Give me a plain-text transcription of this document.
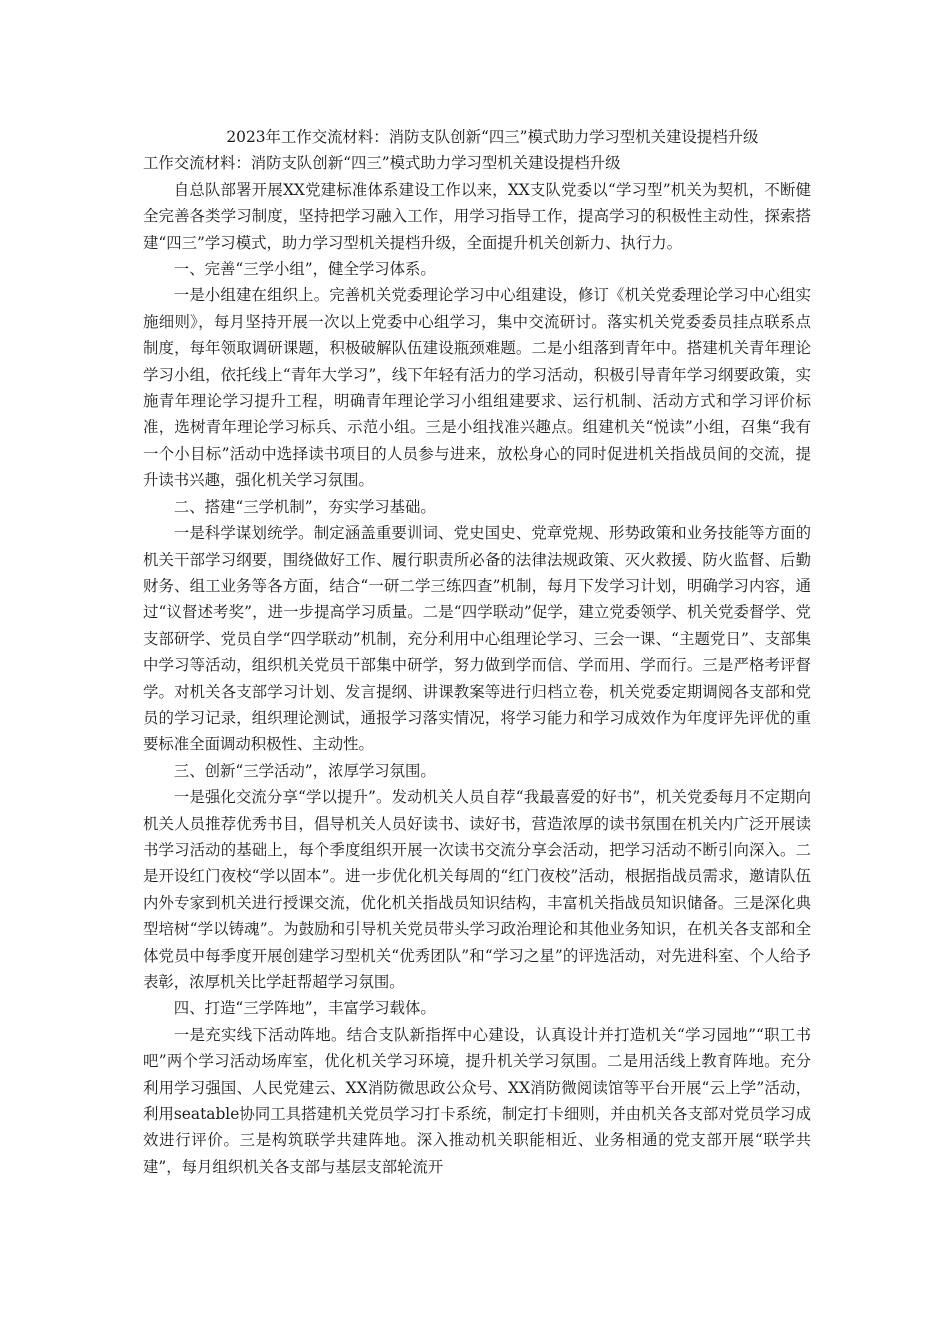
2023年工作交流材料：消防支队创新“四三”模式助力学习型机关建设提档升级

工作交流材料：消防支队创新“四三”模式助力学习型机关建设提档升级

自总队部署开展XX党建标准体系建设工作以来，XX支队党委以“学习型”机关为契机，不断健全完善各类学习制度，坚持把学习融入工作，用学习指导工作，提高学习的积极性主动性，探索搭建“四三”学习模式，助力学习型机关提档升级，全面提升机关创新力、执行力。

一、完善“三学小组”，健全学习体系。

一是小组建在组织上。完善机关党委理论学习中心组建设，修订《机关党委理论学习中心组实施细则》，每月坚持开展一次以上党委中心组学习，集中交流研讨。落实机关党委委员挂点联系点制度，每年领取调研课题，积极破解队伍建设瓶颈难题。二是小组落到青年中。搭建机关青年理论学习小组，依托线上“青年大学习”，线下年轻有活力的学习活动，积极引导青年学习纲要政策，实施青年理论学习提升工程，明确青年理论学习小组组建要求、运行机制、活动方式和学习评价标准，选树青年理论学习标兵、示范小组。三是小组找准兴趣点。组建机关“悦读”小组，召集“我有一个小目标”活动中选择读书项目的人员参与进来，放松身心的同时促进机关指战员间的交流，提升读书兴趣，强化机关学习氛围。

二、搭建“三学机制”，夯实学习基础。

一是科学谋划统学。制定涵盖重要训词、党史国史、党章党规、形势政策和业务技能等方面的机关干部学习纲要，围绕做好工作、履行职责所必备的法律法规政策、灭火救援、防火监督、后勤财务、组工业务等各方面，结合“一研二学三练四查”机制，每月下发学习计划，明确学习内容，通过“议督述考奖”，进一步提高学习质量。二是“四学联动”促学，建立党委领学、机关党委督学、党支部研学、党员自学“四学联动”机制，充分利用中心组理论学习、三会一课、“主题党日”、支部集中学习等活动，组织机关党员干部集中研学，努力做到学而信、学而用、学而行。三是严格考评督学。对机关各支部学习计划、发言提纲、讲课教案等进行归档立卷，机关党委定期调阅各支部和党员的学习记录，组织理论测试，通报学习落实情况，将学习能力和学习成效作为年度评先评优的重要标准全面调动积极性、主动性。

三、创新“三学活动”，浓厚学习氛围。

一是强化交流分享“学以提升”。发动机关人员自荐“我最喜爱的好书”，机关党委每月不定期向机关人员推荐优秀书目，倡导机关人员好读书、读好书，营造浓厚的读书氛围在机关内广泛开展读书学习活动的基础上，每个季度组织开展一次读书交流分享会活动，把学习活动不断引向深入。二是开设红门夜校“学以固本”。进一步优化机关每周的“红门夜校”活动，根据指战员需求，邀请队伍内外专家到机关进行授课交流，优化机关指战员知识结构，丰富机关指战员知识储备。三是深化典型培树“学以铸魂”。为鼓励和引导机关党员带头学习政治理论和其他业务知识，在机关各支部和全体党员中每季度开展创建学习型机关“优秀团队”和“学习之星”的评选活动，对先进科室、个人给予表彰，浓厚机关比学赶帮超学习氛围。

四、打造“三学阵地”，丰富学习载体。

一是充实线下活动阵地。结合支队新指挥中心建设，认真设计并打造机关“学习园地”“职工书吧”两个学习活动场库室，优化机关学习环境，提升机关学习氛围。二是用活线上教育阵地。充分利用学习强国、人民党建云、XX消防微思政公众号、XX消防微阅读馆等平台开展“云上学”活动，利用seatable协同工具搭建机关党员学习打卡系统，制定打卡细则，并由机关各支部对党员学习成效进行评价。三是构筑联学共建阵地。深入推动机关职能相近、业务相通的党支部开展“联学共建”，每月组织机关各支部与基层支部轮流开
